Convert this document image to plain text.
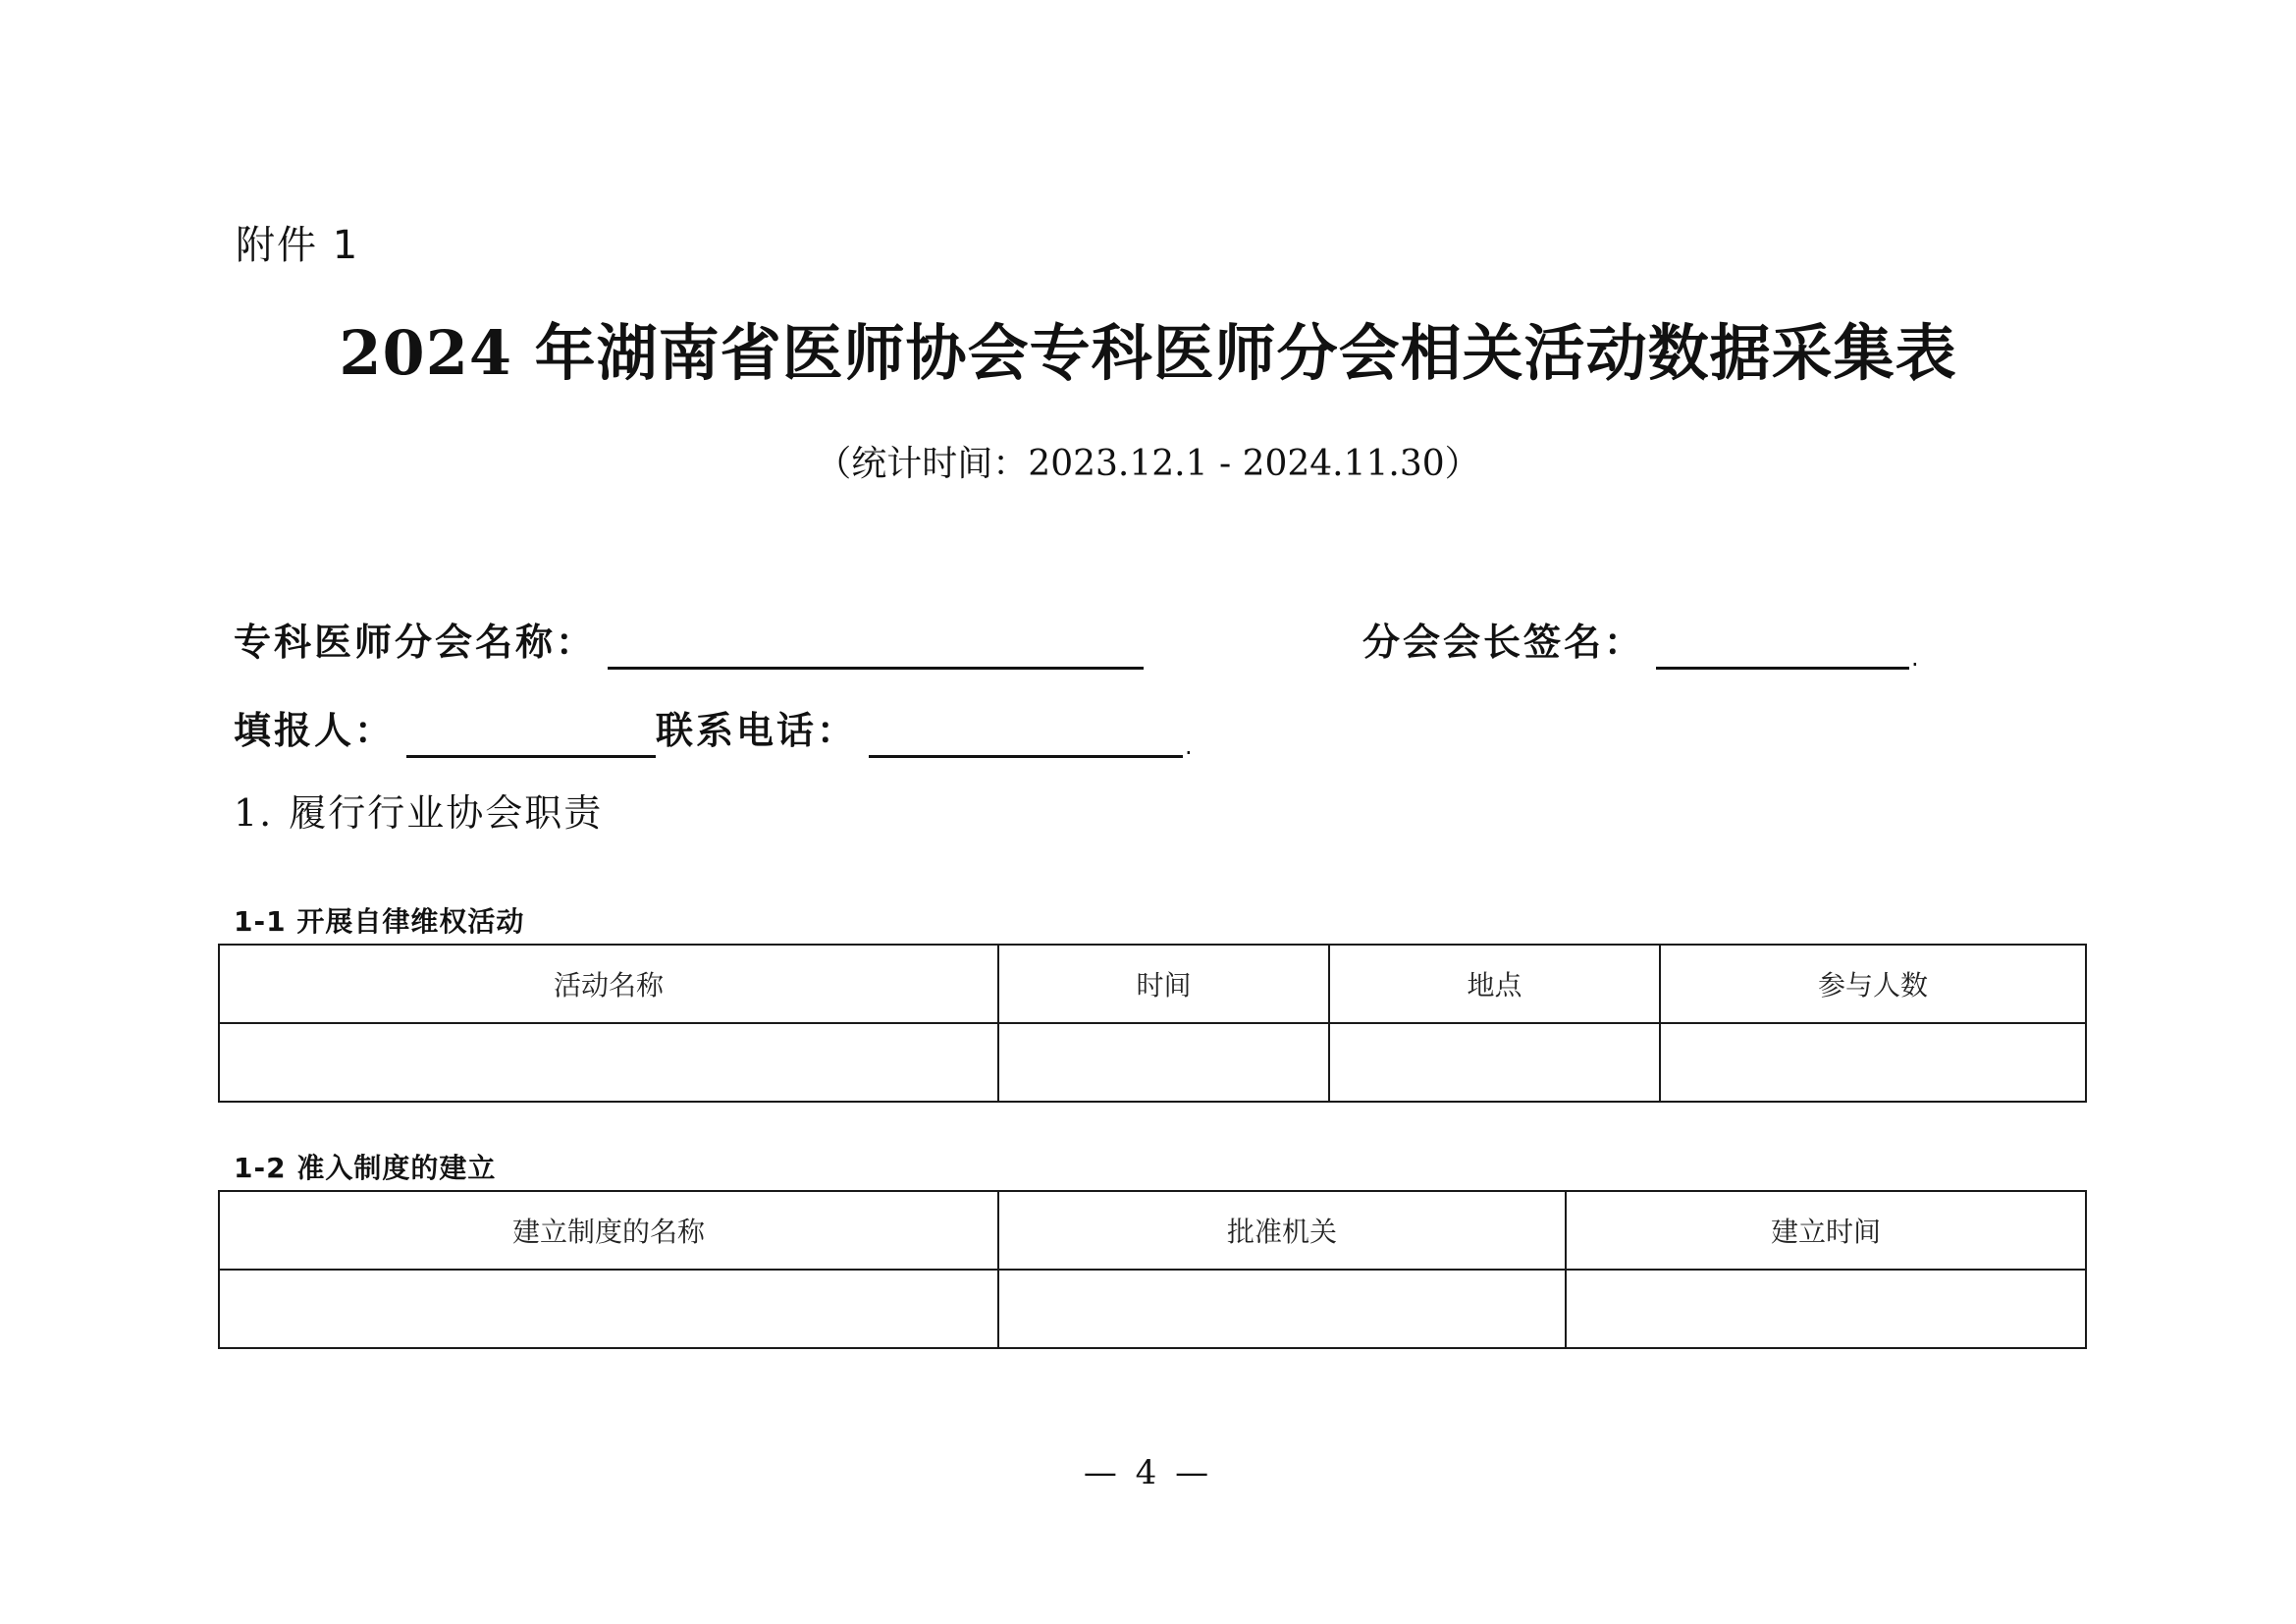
附件 1
2024 年湖南省医师协会专科医师分会相关活动数据采集表
（统计时间：2023.12.1 - 2024.11.30）
专科医师分会名称：	分会会长签名：	.
填报人：	联系电话：	.
1. 履行行业协会职责
1-1 开展自律维权活动
活动名称	时间	地点	参与人数

1-2 准入制度的建立
建立制度的名称	批准机关	建立时间

— 4 —
